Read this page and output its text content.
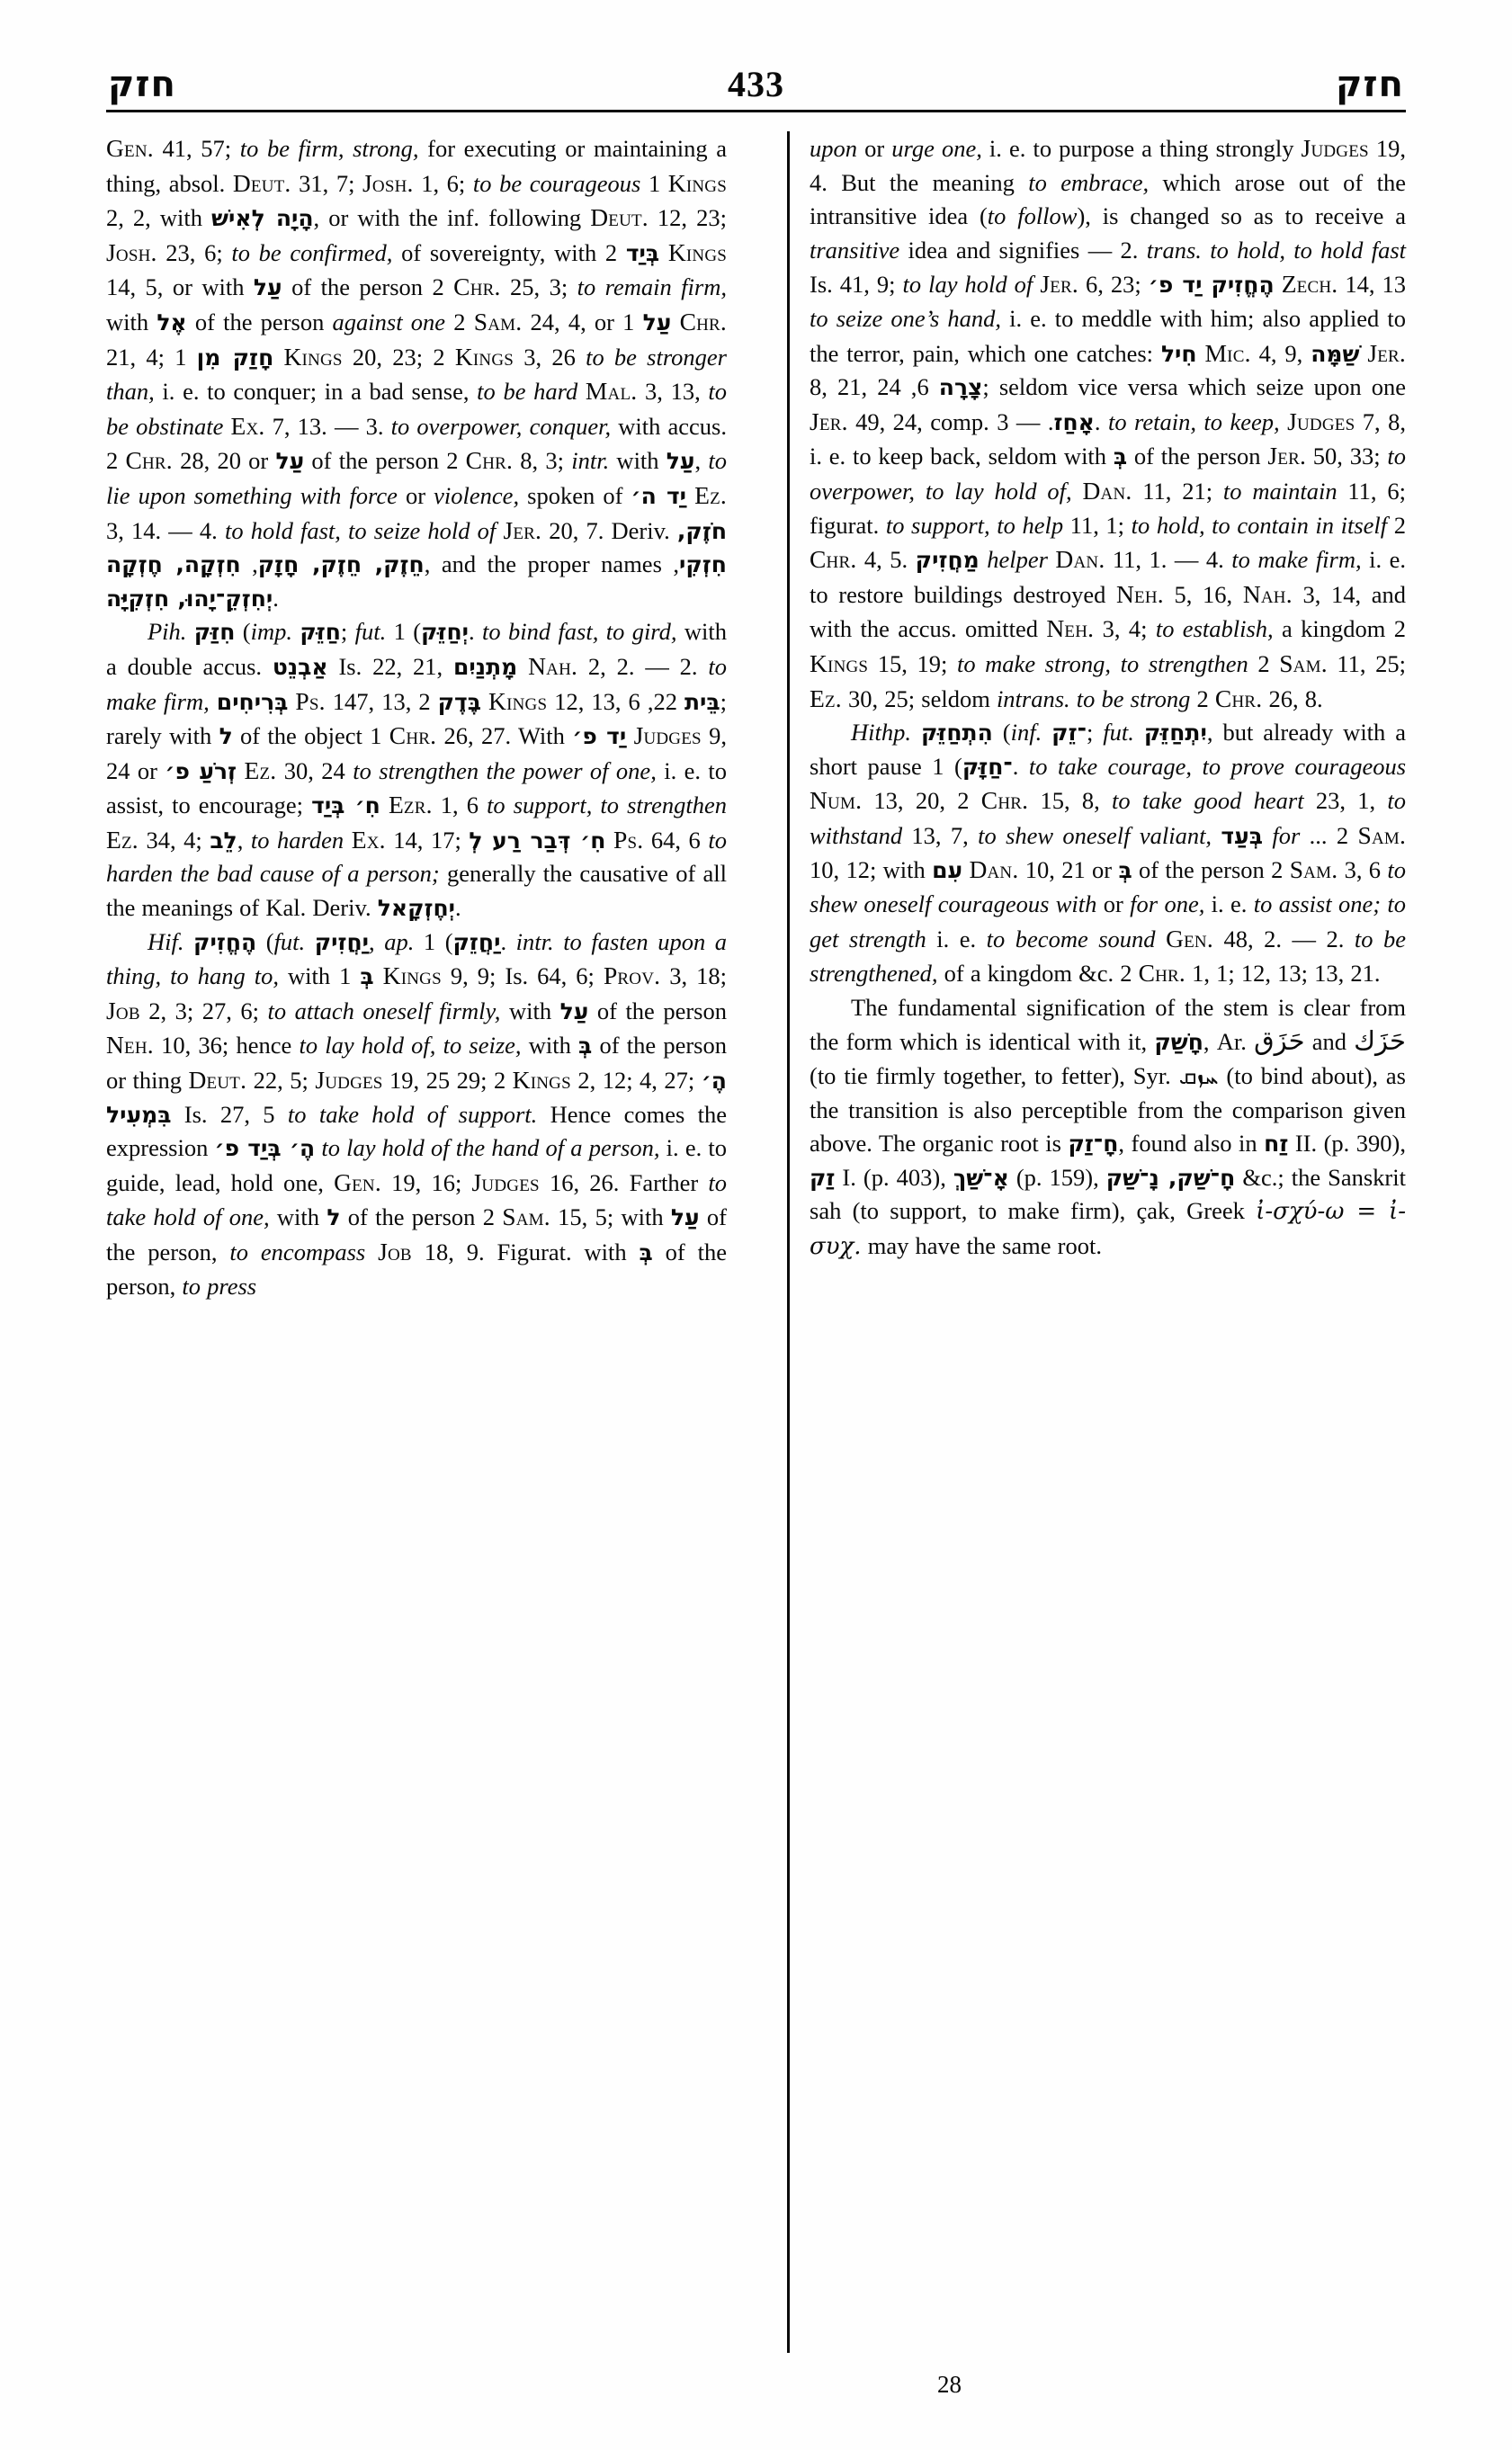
חזק	433	חזק

Gen. 41, 57; to be firm, strong, for executing or maintaining a thing, absol. Deut. 31, 7; Josh. 1, 6; to be courageous 1 Kings 2, 2, with הָיָה לְאִישׁ, or with the inf. following Deut. 12, 23; Josh. 23, 6; to be confirmed, of sovereignty, with בְּיַד 2 Kings 14, 5, or with עַל of the person 2 Chr. 25, 3; to remain firm, with אֶל of the person against one 2 Sam. 24, 4, or עַל 1 Chr. 21, 4; חָזַק מִן 1 Kings 20, 23; 2 Kings 3, 26 to be stronger than, i. e. to conquer; in a bad sense, to be hard Mal. 3, 13, to be obstinate Ex. 7, 13. — 3. to overpower, conquer, with accus. 2 Chr. 28, 20 or עַל of the person 2 Chr. 8, 3; intr. with עַל, to lie upon something with force or violence, spoken of יַד ה׳ Ez. 3, 14. — 4. to hold fast, to seize hold of Jer. 20, 7. Deriv. חֹזֶק, חֵזֶק, חֵזֶק, חָזָק, חִזְקָה, חֶזְקָה	, and the proper names חִזְקִי, יְחִזְקֵ־יָהוּ, חִזְקִיָּה.

Pih. חִזַּק (imp. חַזֵּק; fut. יְחַזֵּק) 1. to bind fast, to gird, with a double accus. אַבְנֵט Is. 22, 21, מָתְנַיִם Nah. 2, 2. — 2. to make firm, בְּרִיחִים Ps. 147, 13, בֶּדֶק 2 Kings 12, 13, בֵּית 22, 6; rarely with ל of the object 1 Chr. 26, 27. With יַד פ׳ Judges 9, 24 or זְרֹעַ פ׳ Ez. 30, 24 to strengthen the power of one, i. e. to assist, to encourage; חִ׳ בְּיַד Ezr. 1, 6 to support, to strengthen Ez. 34, 4; לֵב, to harden Ex. 14, 17; חִ׳ דְּבַר רַע לְ Ps. 64, 6 to harden the bad cause of a person; generally the causative of all the meanings of Kal. Deriv. יְחֶזְקָאל.

Hif. הֶחֱזִיק (fut. יַחֲזִיק, ap. יַחֲזֵק) 1. intr. to fasten upon a thing, to hang to, with בְּ 1 Kings 9, 9; Is. 64, 6; Prov. 3, 18; Job 2, 3; 27, 6; to attach oneself firmly, with עַל of the person Neh. 10, 36; hence to lay hold of, to seize, with בְּ of the person or thing Deut. 22, 5; Judges 19, 25 29; 2 Kings 2, 12; 4, 27; הֶ׳ בִּמְעִיל Is. 27, 5 to take hold of support. Hence comes the expression הֶ׳ בְּיַד פ׳ to lay hold of the hand of a person, i. e. to guide, lead, hold one, Gen. 19, 16; Judges 16, 26. Farther to take hold of one, with ל of the person 2 Sam. 15, 5; with עַל of the person, to encompass Job 18, 9. Figurat. with בְּ of the person, to press

upon or urge one, i. e. to purpose a thing strongly Judges 19, 4. But the meaning to embrace, which arose out of the intransitive idea (to follow), is changed so as to receive a transitive idea and signifies — 2. trans. to hold, to hold fast Is. 41, 9; to lay hold of Jer. 6, 23; הֶחֱזִיק יַד פ׳ Zech. 14, 13 to seize one’s hand, i. e. to meddle with him; also applied to the terror, pain, which one catches: חִיל Mic. 4, 9, שַׁמָּה Jer. 8, 21,	צָרָה 6, 24; seldom vice versa which seize upon one Jer. 49, 24, comp.	אָחַז. — 3. to retain, to keep, Judges 7, 8, i. e. to keep back, seldom with בְּ of the person Jer. 50, 33; to overpower, to lay hold of, Dan. 11, 21; to maintain 11, 6; figurat. to support, to help 11, 1; to hold, to contain in itself 2 Chr. 4, 5. מַחֲזִיק helper Dan. 11, 1. — 4. to make firm, i. e. to restore buildings destroyed Neh. 5, 16, Nah. 3, 14, and with the accus. omitted Neh. 3, 4; to establish, a kingdom 2 Kings 15, 19; to make strong, to strengthen 2 Sam. 11, 25; Ez. 30, 25; seldom intrans. to be strong 2 Chr. 26, 8.

Hithp. הִתְחַזֵּק (inf. ־זֵק; fut. יִתְחַזֵּק, but already with a short pause ־חַזָּק) 1. to take courage, to prove courageous Num. 13, 20, 2 Chr. 15, 8, to take good heart 23, 1, to withstand 13, 7, to shew oneself valiant, בְּעַד for ... 2 Sam. 10, 12; with עִם Dan. 10, 21 or בְּ of the person 2 Sam. 3, 6 to shew oneself courageous with or for one, i. e. to assist one; to get strength i. e. to become sound Gen. 48, 2. — 2. to be strengthened, of a kingdom &c. 2 Chr. 1, 1; 12, 13; 13, 21.

The fundamental signification of the stem is clear from the form which is identical with it, חָשַׁק, Ar. حَزَق and حَزَك (to tie firmly together, to fetter), Syr. ܚܙܩ (to bind about), as the transition is also perceptible from the comparison given above. The organic root is חָ־זַק, found also in זַח II. (p. 390), זַק I. (p. 403), אָ־שַׁךְ (p. 159), חָ־שַׁק, נָ־שַׁק &c.; the Sanskrit sah (to support, to make firm), çak, Greek ἰ-σχύ-ω = ἰ-συχ. may have the same root.

28
